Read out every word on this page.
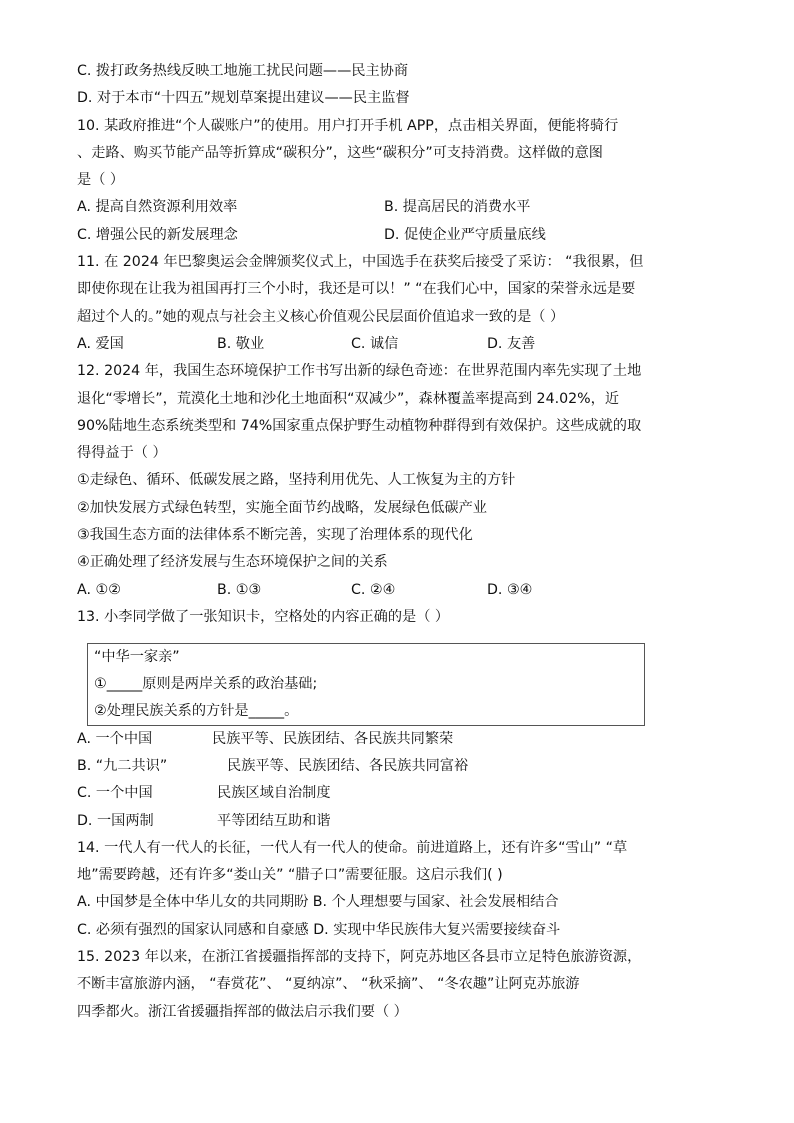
C. 拨打政务热线反映工地施工扰民问题——民主协商
D. 对于本市“十四五”规划草案提出建议——民主监督
10. 某政府推进“个人碳账户”的使用。用户打开手机 APP，点击相关界面，便能将骑行
、走路、购买节能产品等折算成“碳积分”，这些“碳积分”可支持消费。这样做的意图
是（ ）
A. 提高自然资源利用效率	B. 提高居民的消费水平
C. 增强公民的新发展理念	D. 促使企业严守质量底线
11. 在 2024 年巴黎奥运会金牌颁奖仪式上，中国选手在获奖后接受了采访： “我很累，但
即使你现在让我为祖国再打三个小时，我还是可以！” “在我们心中，国家的荣誉永远是要
超过个人的。”她的观点与社会主义核心价值观公民层面价值追求一致的是（ ）
A. 爱国	B. 敬业	C. 诚信	D. 友善
12. 2024 年，我国生态环境保护工作书写出新的绿色奇迹：在世界范围内率先实现了土地
退化“零增长”，荒漠化土地和沙化土地面积“双减少”，森林覆盖率提高到 24.02%，近
90%陆地生态系统类型和 74%国家重点保护野生动植物种群得到有效保护。这些成就的取
得得益于（ ）
①走绿色、循环、低碳发展之路，坚持利用优先、人工恢复为主的方针
②加快发展方式绿色转型，实施全面节约战略，发展绿色低碳产业
③我国生态方面的法律体系不断完善，实现了治理体系的现代化
④正确处理了经济发展与生态环境保护之间的关系
A. ①②	B. ①③	C. ②④	D. ③④
13. 小李同学做了一张知识卡，空格处的内容正确的是（ ）
“中华一家亲”
①_____原则是两岸关系的政治基础;
②处理民族关系的方针是_____。
A. 一个中国	民族平等、民族团结、各民族共同繁荣
B. “九二共识”	民族平等、民族团结、各民族共同富裕
C. 一个中国	民族区域自治制度
D. 一国两制	平等团结互助和谐
14. 一代人有一代人的长征，一代人有一代人的使命。前进道路上，还有许多“雪山” “草
地”需要跨越，还有许多“娄山关” “腊子口”需要征服。这启示我们( )
A. 中国梦是全体中华儿女的共同期盼 B. 个人理想要与国家、社会发展相结合
C. 必须有强烈的国家认同感和自豪感 D. 实现中华民族伟大复兴需要接续奋斗
15. 2023 年以来，在浙江省援疆指挥部的支持下，阿克苏地区各县市立足特色旅游资源，
不断丰富旅游内涵， “春赏花”、 “夏纳凉”、 “秋采摘”、 “冬农趣”让阿克苏旅游
四季都火。浙江省援疆指挥部的做法启示我们要（ ）
